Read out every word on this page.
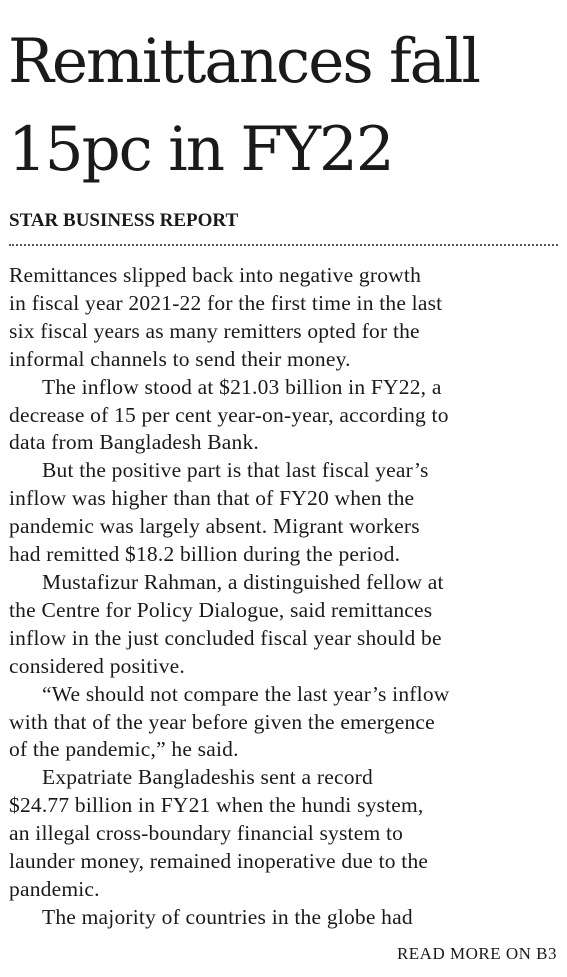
Remittances fall
15pc in FY22
STAR BUSINESS REPORT
Remittances slipped back into negative growth
in fiscal year 2021-22 for the first time in the last
six fiscal years as many remitters opted for the
informal channels to send their money.
The inflow stood at $21.03 billion in FY22, a
decrease of 15 per cent year-on-year, according to
data from Bangladesh Bank.
But the positive part is that last fiscal year’s
inflow was higher than that of FY20 when the
pandemic was largely absent. Migrant workers
had remitted $18.2 billion during the period.
Mustafizur Rahman, a distinguished fellow at
the Centre for Policy Dialogue, said remittances
inflow in the just concluded fiscal year should be
considered positive.
“We should not compare the last year’s inflow
with that of the year before given the emergence
of the pandemic,” he said.
Expatriate Bangladeshis sent a record
$24.77 billion in FY21 when the hundi system,
an illegal cross-boundary financial system to
launder money, remained inoperative due to the
pandemic.
The majority of countries in the globe had
READ MORE ON B3
